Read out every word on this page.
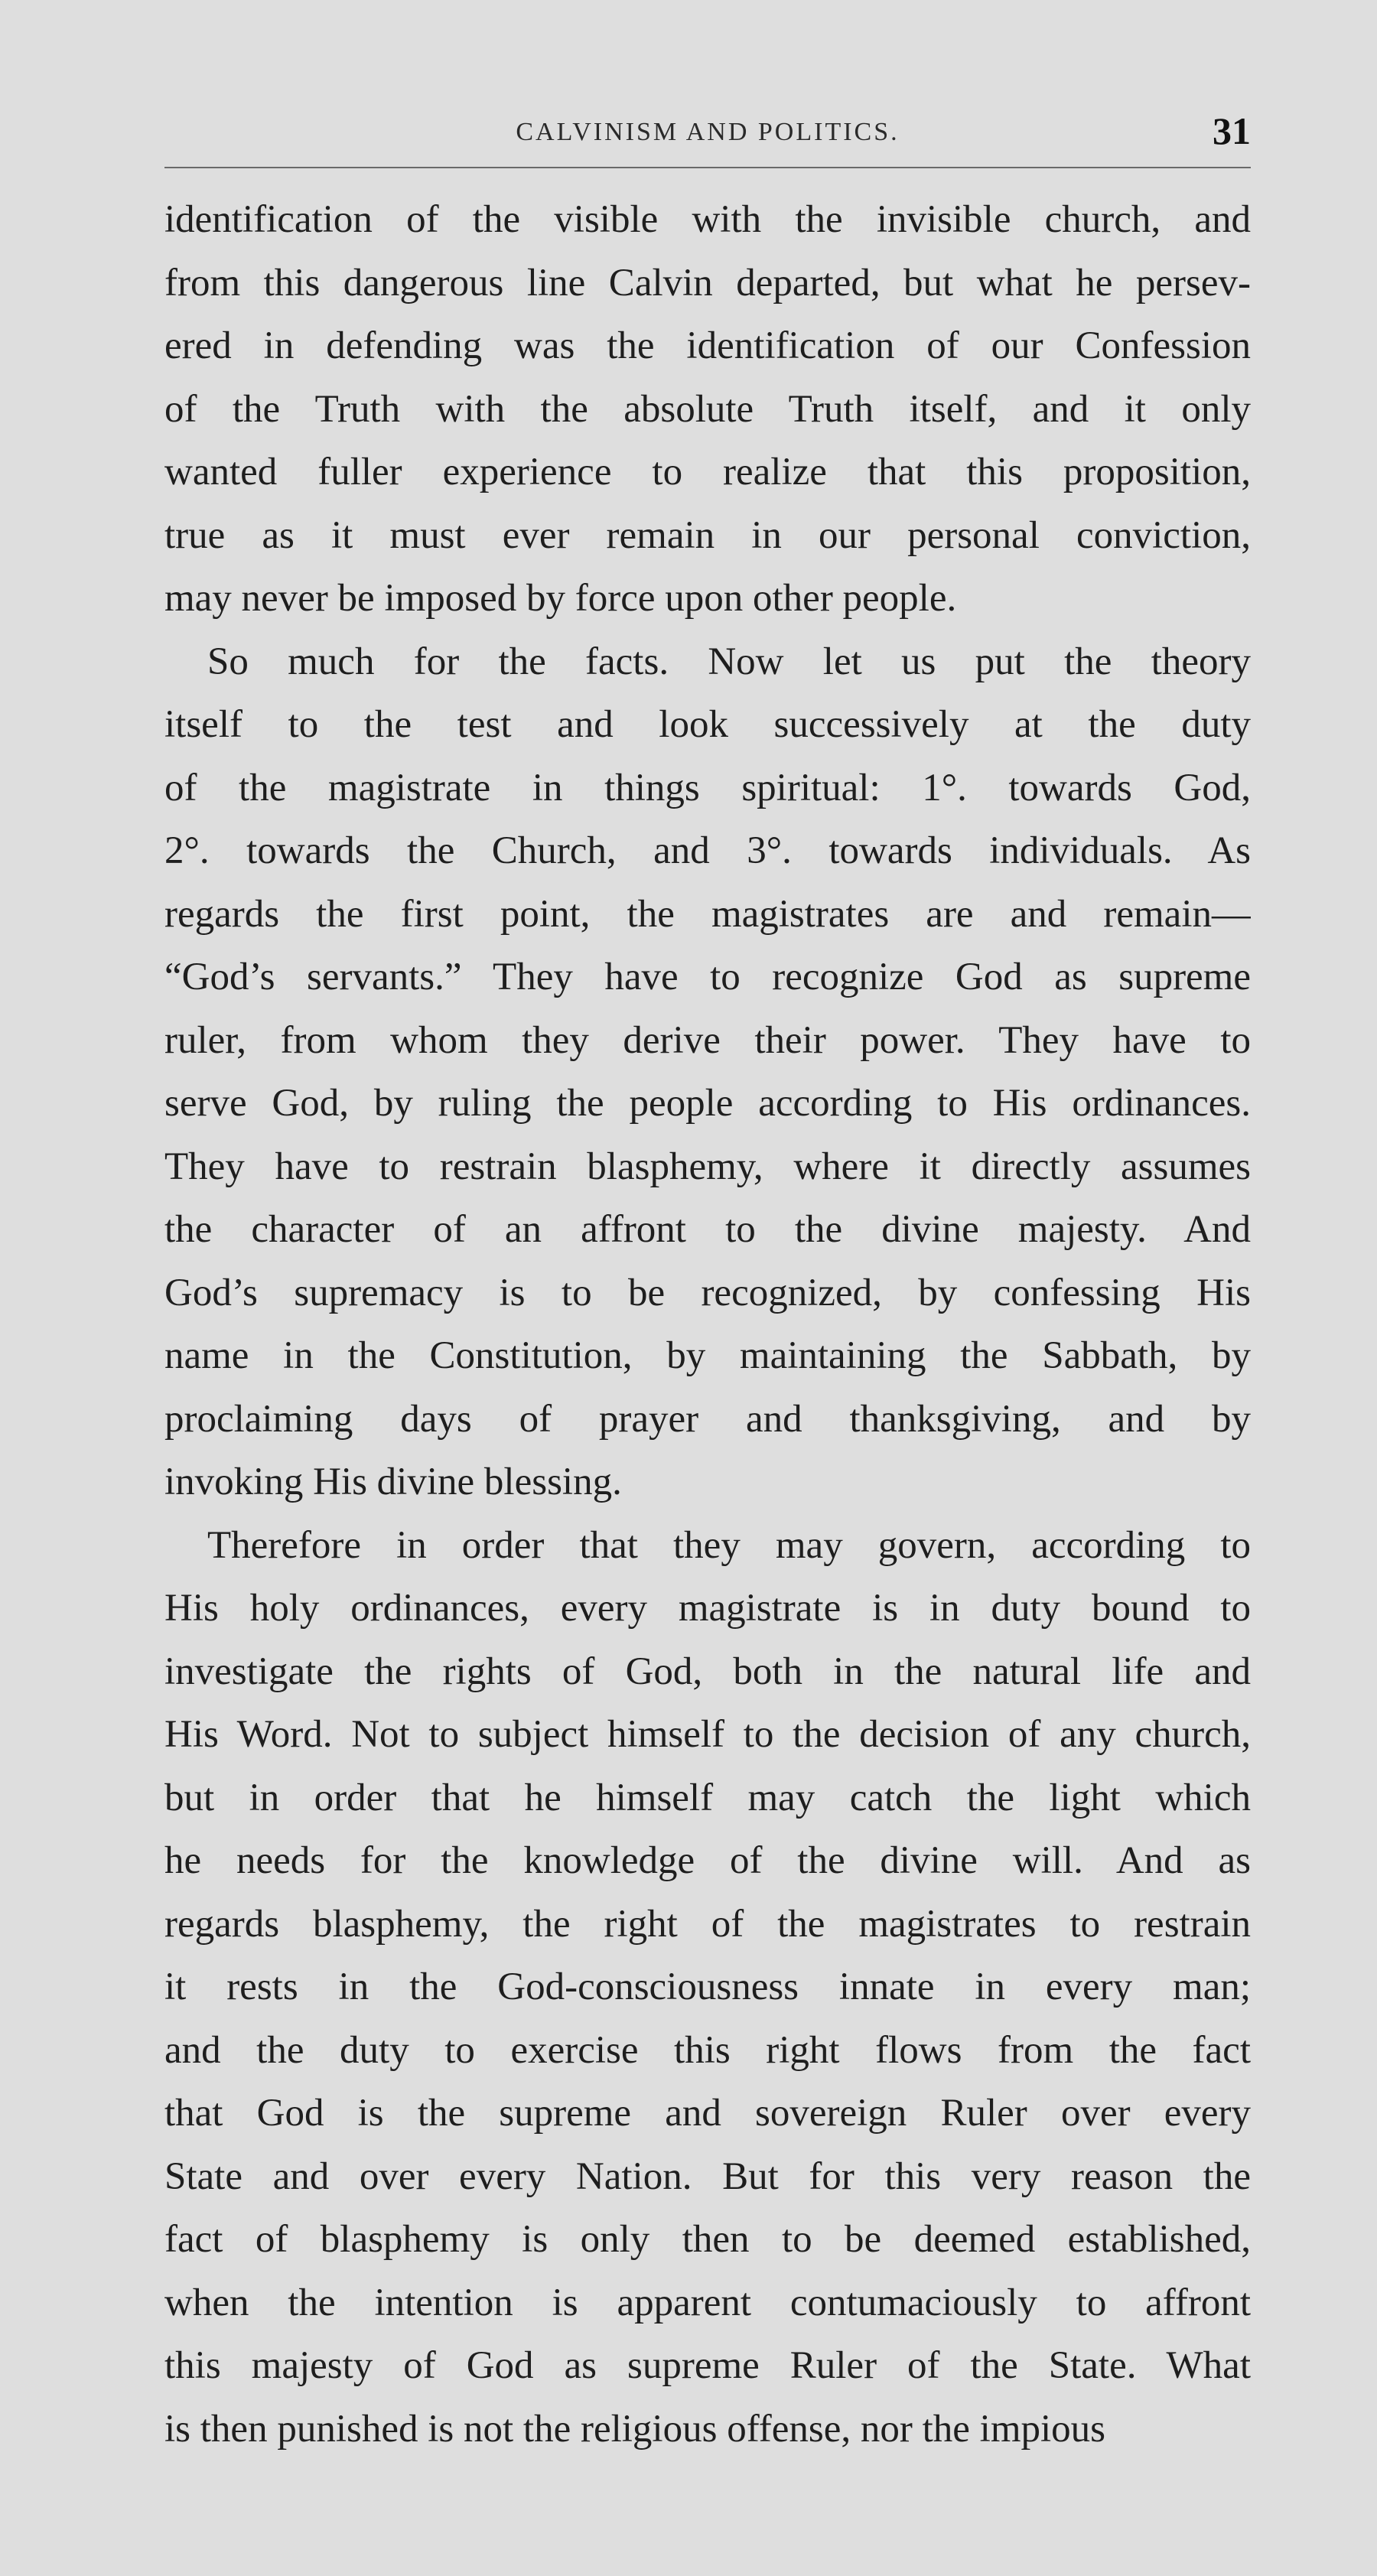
CALVINISM AND POLITICS.	31
identification of the visible with the invisible church, and
from this dangerous line Calvin departed, but what he persev-
ered in defending was the identification of our Confession
of the Truth with the absolute Truth itself, and it only
wanted fuller experience to realize that this proposition,
true as it must ever remain in our personal conviction,
may never be imposed by force upon other people.
So much for the facts. Now let us put the theory
itself to the test and look successively at the duty
of the magistrate in things spiritual: 1°. towards God,
2°. towards the Church, and 3°. towards individuals. As
regards the first point, the magistrates are and remain—
“God’s servants.” They have to recognize God as supreme
ruler, from whom they derive their power. They have to
serve God, by ruling the people according to His ordinances.
They have to restrain blasphemy, where it directly assumes
the character of an affront to the divine majesty. And
God’s supremacy is to be recognized, by confessing His
name in the Constitution, by maintaining the Sabbath, by
proclaiming days of prayer and thanksgiving, and by
invoking His divine blessing.
Therefore in order that they may govern, according to
His holy ordinances, every magistrate is in duty bound to
investigate the rights of God, both in the natural life and
His Word. Not to subject himself to the decision of any church,
but in order that he himself may catch the light which
he needs for the knowledge of the divine will. And as
regards blasphemy, the right of the magistrates to restrain
it rests in the God-consciousness innate in every man;
and the duty to exercise this right flows from the fact
that God is the supreme and sovereign Ruler over every
State and over every Nation. But for this very reason the
fact of blasphemy is only then to be deemed established,
when the intention is apparent contumaciously to affront
this majesty of God as supreme Ruler of the State. What
is then punished is not the religious offense, nor the impious
